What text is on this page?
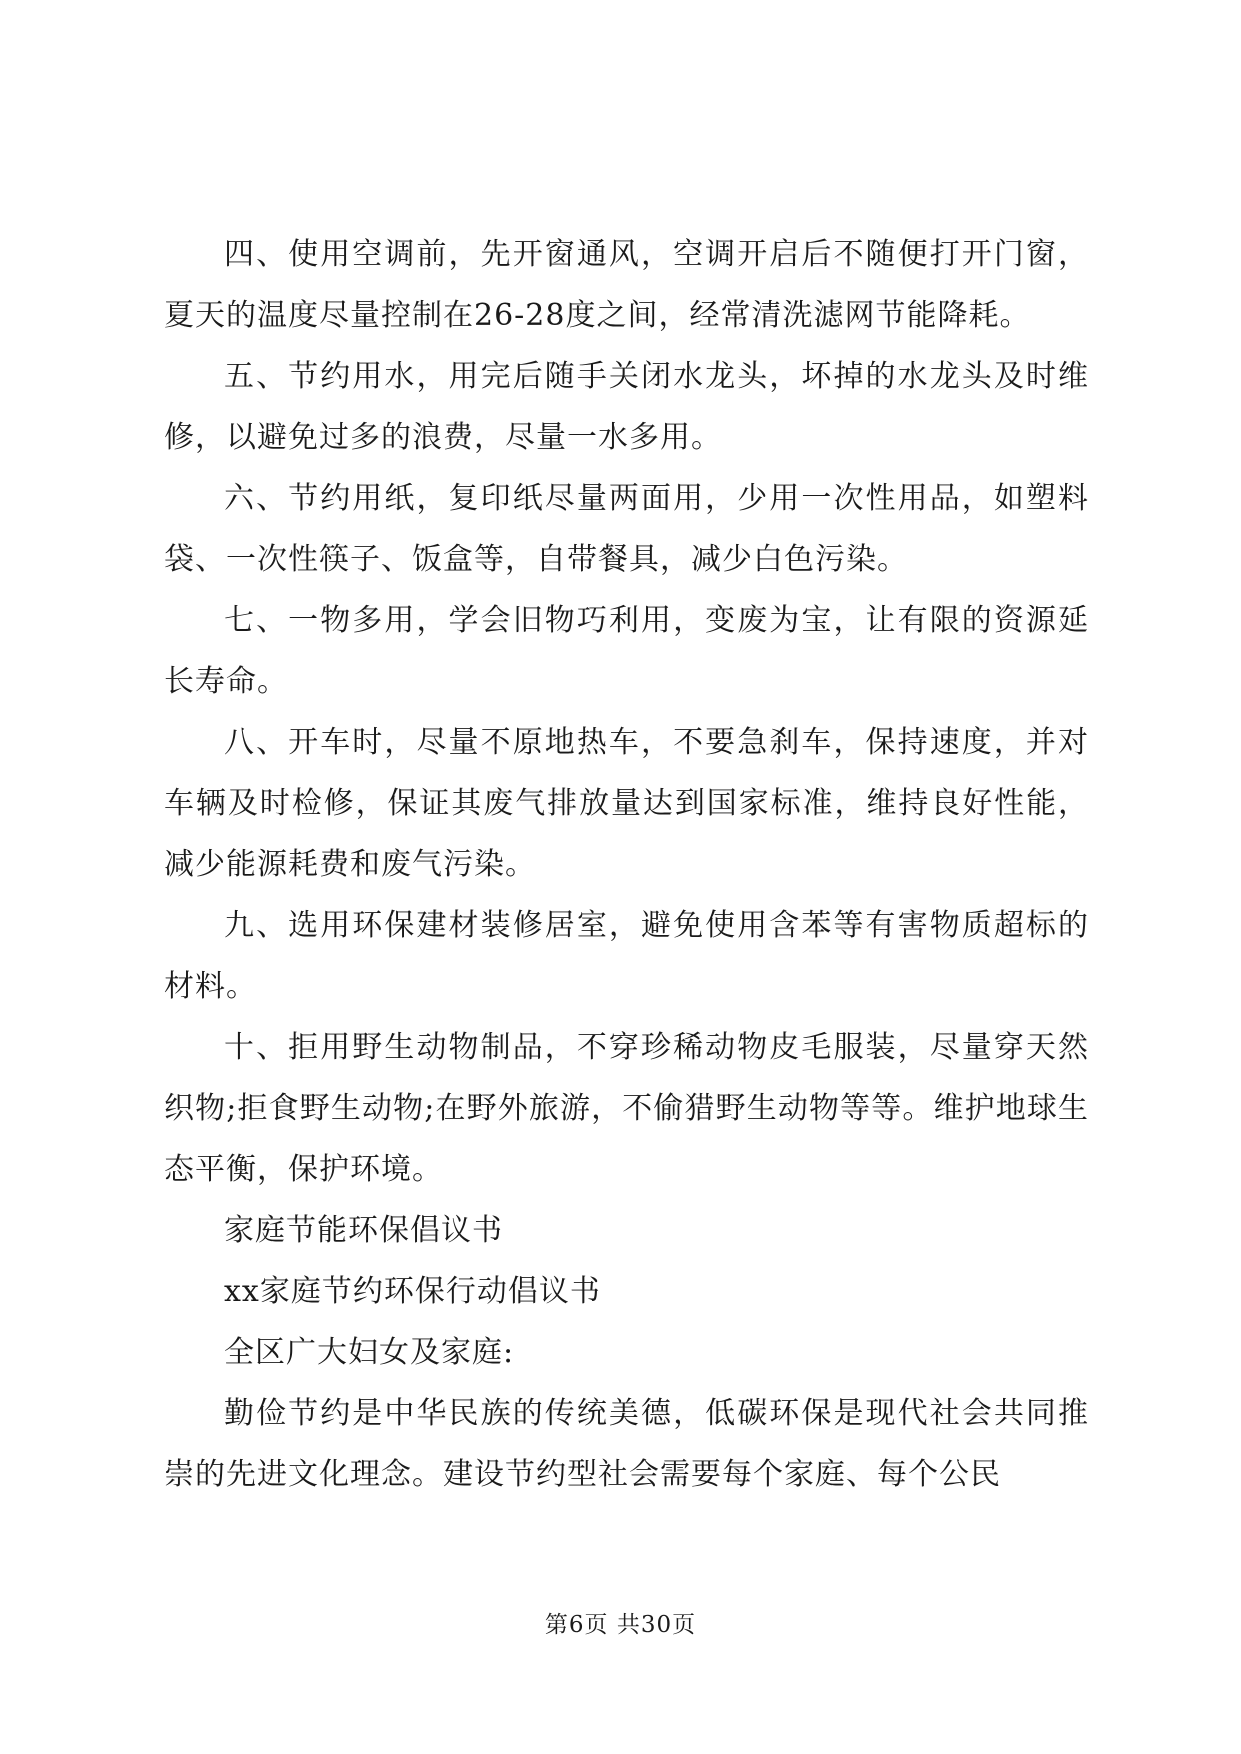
四、使用空调前，先开窗通风，空调开启后不随便打开门窗，夏天的温度尽量控制在26-28度之间，经常清洗滤网节能降耗。

五、节约用水，用完后随手关闭水龙头，坏掉的水龙头及时维修，以避免过多的浪费，尽量一水多用。

六、节约用纸，复印纸尽量两面用，少用一次性用品，如塑料袋、一次性筷子、饭盒等，自带餐具，减少白色污染。

七、一物多用，学会旧物巧利用，变废为宝，让有限的资源延长寿命。

八、开车时，尽量不原地热车，不要急刹车，保持速度，并对车辆及时检修，保证其废气排放量达到国家标准，维持良好性能，减少能源耗费和废气污染。

九、选用环保建材装修居室，避免使用含苯等有害物质超标的材料。

十、拒用野生动物制品，不穿珍稀动物皮毛服装，尽量穿天然织物;拒食野生动物;在野外旅游，不偷猎野生动物等等。维护地球生态平衡，保护环境。

家庭节能环保倡议书

xx家庭节约环保行动倡议书

全区广大妇女及家庭:

勤俭节约是中华民族的传统美德，低碳环保是现代社会共同推崇的先进文化理念。建设节约型社会需要每个家庭、每个公民

第6页 共30页
